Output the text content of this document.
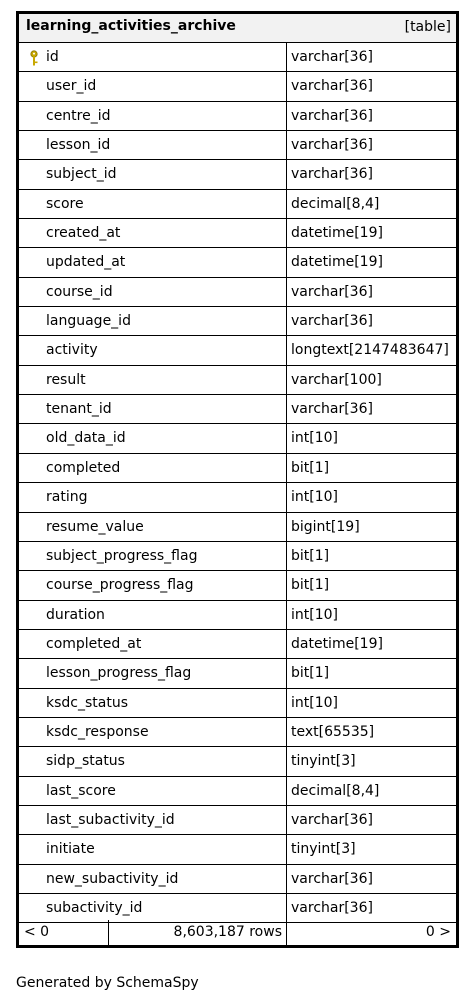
learning_activities_archive	[table]
id	varchar[36]
user_id	varchar[36]
centre_id	varchar[36]
lesson_id	varchar[36]
subject_id	varchar[36]
score	decimal[8,4]
created_at	datetime[19]
updated_at	datetime[19]
course_id	varchar[36]
language_id	varchar[36]
activity	longtext[2147483647]
result	varchar[100]
tenant_id	varchar[36]
old_data_id	int[10]
completed	bit[1]
rating	int[10]
resume_value	bigint[19]
subject_progress_flag	bit[1]
course_progress_flag	bit[1]
duration	int[10]
completed_at	datetime[19]
lesson_progress_flag	bit[1]
ksdc_status	int[10]
ksdc_response	text[65535]
sidp_status	tinyint[3]
last_score	decimal[8,4]
last_subactivity_id	varchar[36]
initiate	tinyint[3]
new_subactivity_id	varchar[36]
subactivity_id	varchar[36]
< 0	8,603,187 rows	0 >
Generated by SchemaSpy
